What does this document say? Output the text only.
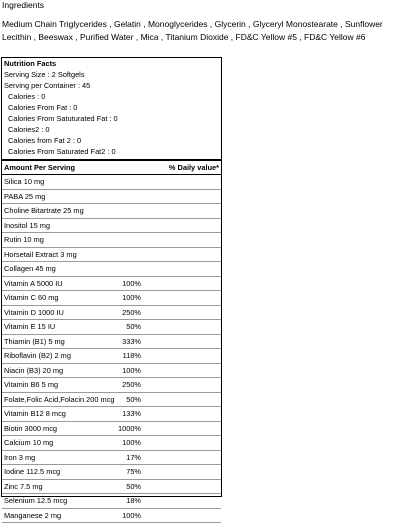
Ingredients
Medium Chain Triglycerides , Gelatin , Monoglycerides , Glycerin , Glyceryl Monostearate , Sunflower Lecithin , Beeswax , Purified Water , Mica , Titanium Dioxide , FD&C Yellow #5 , FD&C Yellow #6
Nutrition Facts
Serving Size : 2 Softgels
Serving per Container : 45
Calories : 0
Calories From Fat : 0
Calories From Satuturated Fat : 0
Calories2 : 0
Calories from Fat 2 : 0
Calories From Saturated Fat2 : 0
Amount Per Serving	% Daily value*
Silica 10 mg
PABA 25 mg
Choline Bitartrate 25 mg
Inositol 15 mg
Rutin 10 mg
Horsetail Extract 3 mg
Collagen 45 mg
Vitamin A 5000 IU	100%
Vitamin C 60 mg	100%
Vitamin D 1000 IU	250%
Vitamin E 15 IU	50%
Thiamin (B1) 5 mg	333%
Riboflavin (B2) 2 mg	118%
Niacin (B3) 20 mg	100%
Vitamin B6 5 mg	250%
Folate,Folic Acid,Folacin 200 mcg 50%
Vitamin B12 8 mcg	133%
Biotin 3000 mcg	1000%
Calcium 10 mg	100%
Iron 3 mg	17%
Iodine 112.5 mcg	75%
Zinc 7.5 mg	50%
Selenium 12.5 mcg	18%
Manganese 2 mg	100%
